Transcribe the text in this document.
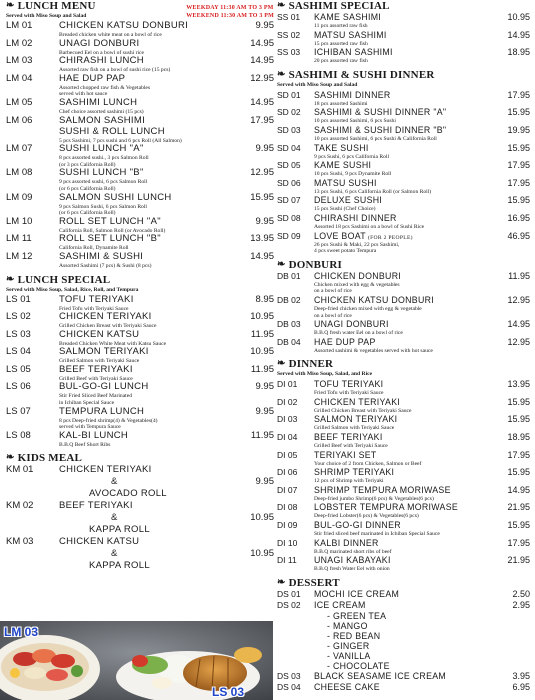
❧ LUNCH MENU	WEEKDAY 11:30 AM TO 3 PM
WEEKEND 11:30 AM TO 3 PM
Served with Miso Soup and Salad
LM 01	CHICKEN KATSU DONBURI	9.95
Breaded chicken white meat on a bowl of rice
LM 02	UNAGI DONBURI	14.95
Barbecued Eel on a bowl of sushi rice
LM 03	CHIRASHI LUNCH	14.95
Assorted raw fish on a bowl of sushi rice (15 pcs)
LM 04	HAE DUP PAP	12.95
Assorted chopped raw fish & Vegetables
served with hot sauce
LM 05	SASHIMI LUNCH	14.95
Chef choice assorted sashimi (15 pcs)
LM 06	SALMON SASHIMI	17.95
SUSHI & ROLL LUNCH
5 pcs Sashimi, 7 pcs sushi and 6 pcs Roll (All Salmon)
LM 07	SUSHI LUNCH "A"	9.95
8 pcs assorted sushi., 3 pcs Salmon Roll
(or 3 pcs California Roll)
LM 08	SUSHI LUNCH "B"	12.95
9 pcs assorted sushi, 6 pcs Salmon Roll
(or 6 pcs California Roll)
LM 09	SALMON SUSHI LUNCH	15.95
9 pcs Salmon Sushi, 6 pcs Salmon Roll
(or 6 pcs California Roll)
LM 10	ROLL SET LUNCH "A"	9.95
California Roll, Salmon Roll (or Avocado Roll)
LM 11	ROLL SET LUNCH "B"	13.95
California Roll, Dynamite Roll
LM 12	SASHIMI & SUSHI	14.95
Assorted Sashimi (7 pcs) & Sushi (8 pcs)
❧ LUNCH SPECIAL
Served with Miso Soup, Salad, Rice, Roll, and Tempura
LS 01	TOFU TERIYAKI	8.95
Fried Tofu with Teriyaki Sauce
LS 02	CHICKEN TERIYAKI	10.95
Grilled Chicken Breast with Teriyaki Sauce
LS 03	CHICKEN KATSU	11.95
Breaded Chicken White Meat with Katsu Sauce
LS 04	SALMON TERIYAKI	10.95
Grilled Salmon with Teriyaki Sauce
LS 05	BEEF TERIYAKI	11.95
Grilled Beef with Teriyaki Sauce
LS 06	BUL-GO-GI LUNCH	9.95
Stir Fried Sliced Beef Marinated
in Ichiban Special Sauce
LS 07	TEMPURA LUNCH	9.95
8 pcs Deep-fried shrimp(4) & Vegetables(4)
served with Tempura Sauce
LS 08	KAL-BI LUNCH	11.95
B.B.Q Beef Short Ribs
❧ KIDS MEAL
KM 01	CHICKEN TERIYAKI
&	9.95
AVOCADO ROLL
KM 02	BEEF TERIYAKI
&	10.95
KAPPA ROLL
KM 03	CHICKEN KATSU
&	10.95
KAPPA ROLL
❧ SASHIMI SPECIAL
SS 01	KAME SASHIMI	10.95
11 pcs assorted raw fish
SS 02	MATSU SASHIMI	14.95
15 pcs assorted raw fish
SS 03	ICHIBAN SASHIMI	18.95
20 pcs assorted raw fish
❧ SASHIMI & SUSHI DINNER
Served with Miso Soup and Salad
SD 01	SASHIMI DINNER	17.95
18 pcs assorted Sashimi
SD 02	SASHIMI & SUSHI DINNER "A"	15.95
10 pcs assorted Sashimi, 6 pcs Sushi
SD 03	SASHIMI & SUSHI DINNER "B"	19.95
10 pcs assorted Sashimi, 6 pcs Sushi & California Roll
SD 04	TAKE SUSHI	15.95
9 pcs Sushi, 6 pcs California Roll
SD 05	KAME SUSHI	17.95
10 pcs Sushi, 9 pcs Dynamite Roll
SD 06	MATSU SUSHI	17.95
13 pcs Sushi, 6 pcs California Roll (or Salmon Roll)
SD 07	DELUXE SUSHI	15.95
15 pcs Sushi (Chef Choice)
SD 08	CHIRASHI DINNER	16.95
Assorted 18 pcs Sashimi on a bowl of Sushi Rice
SD 09	LOVE BOAT (FOR 2 PEOPLE)	46.95
26 pcs Sushi & Maki, 22 pcs Sashimi,
4 pcs sweet potato Tempura
❧ DONBURI
DB 01	CHICKEN DONBURI	11.95
Chicken mixed with egg & vegetables
on a bowl of rice
DB 02	CHICKEN KATSU DONBURI	12.95
Deep-fried chicken mixed with egg & vegetable
on a bowl of rice
DB 03	UNAGI DONBURI	14.95
B.B.Q fresh water Eel on a bowl of rice
DB 04	HAE DUP PAP	12.95
Assorted sashimi & vegetables served with hot sauce
❧ DINNER
Served with Miso Soup, Salad, and Rice
DI 01	TOFU TERIYAKI	13.95
Fried Tofu with Teriyaki Sauce
DI 02	CHICKEN TERIYAKI	15.95
Grilled Chicken Breast with Teriyaki Sauce
DI 03	SALMON TERIYAKI	15.95
Grilled Salmon with Teriyaki Sauce
DI 04	BEEF TERIYAKI	18.95
Grilled Beef with Teriyaki Sauce
DI 05	TERIYAKI SET	17.95
Your choice of 2 from Chicken, Salmon or Beef
DI 06	SHRIMP TERIYAKI	15.95
12 pcs of Shrimp with Teriyaki
DI 07	SHRIMP TEMPURA MORIWASE	14.95
Deep-fried jumbo Shrimp(6 pcs) & Vegetables(6 pcs)
DI 08	LOBSTER TEMPURA MORIWASE	21.95
Deep-fried Lobster(6 pcs) & Vegetables(6 pcs)
DI 09	BUL-GO-GI DINNER	15.95
Stir fried sliced beef marinated in Ichiban Special Sauce
DI 10	KALBI DINNER	17.95
B.B.Q marinated short ribs of beef
DI 11	UNAGI KABAYAKI	21.95
B.B.Q fresh Water Eel with onion
❧ DESSERT
DS 01	MOCHI ICE CREAM	2.50
DS 02	ICE CREAM	2.95
- GREEN TEA
- MANGO
- RED BEAN
- GINGER
- VANILLA
- CHOCOLATE
DS 03	BLACK SEASAME ICE CREAM	3.95
DS 04	CHEESE CAKE	6.95
LM 03
LS 03
